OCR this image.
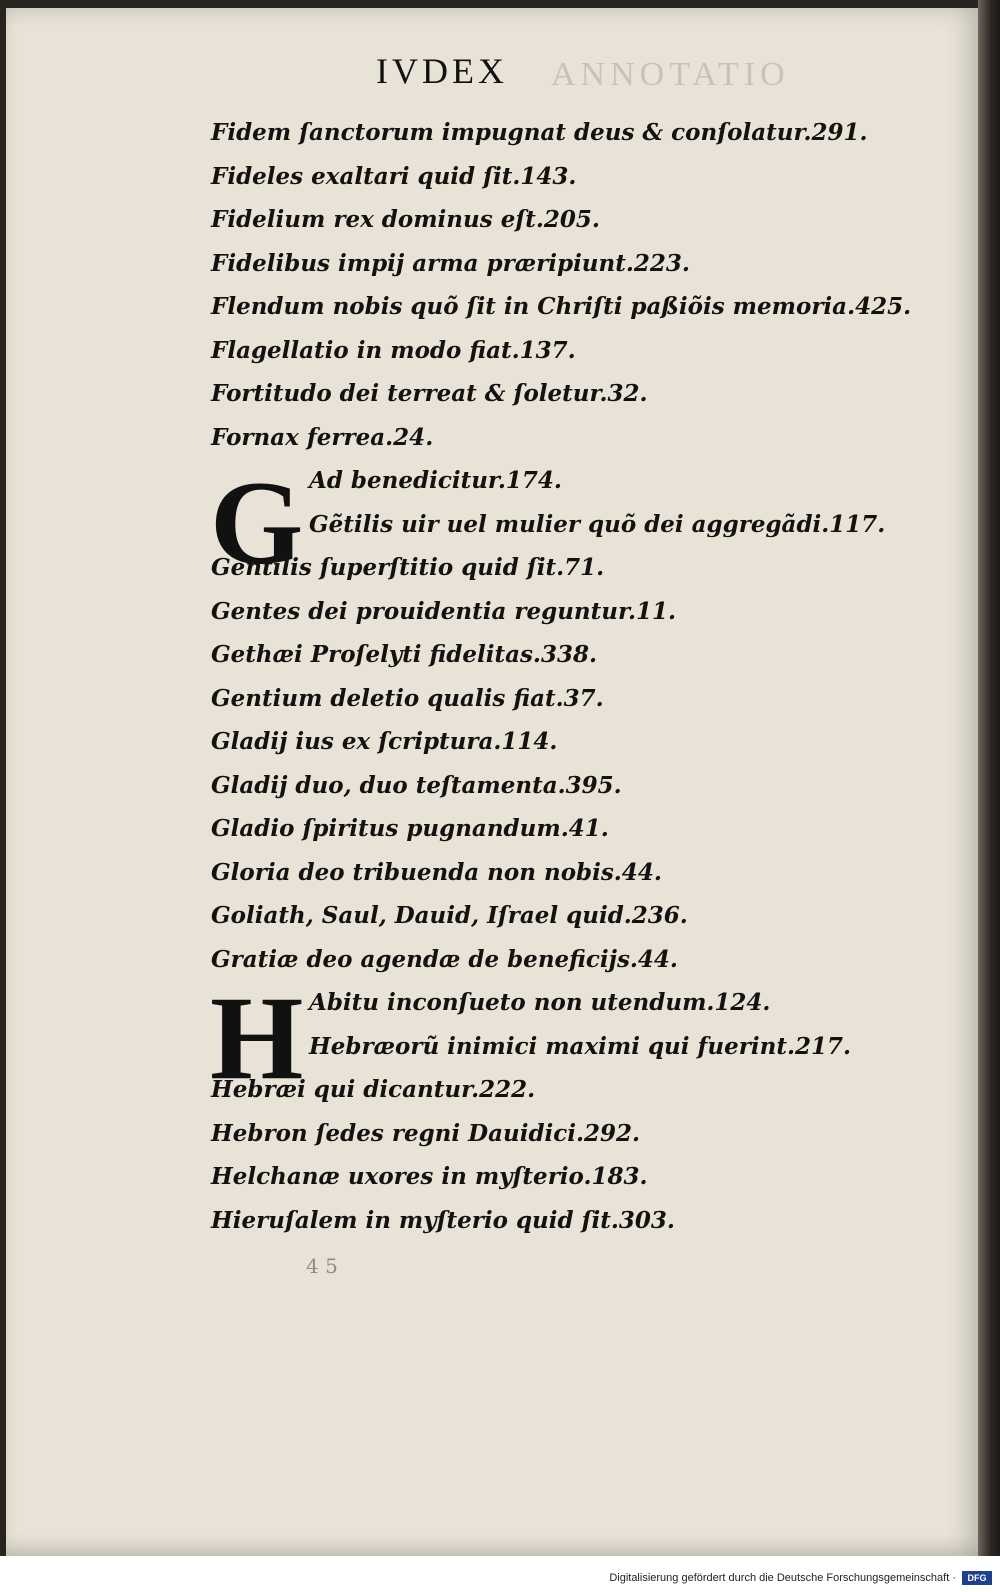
ANNOTATIO
IVDEX
G
H
Fidem ſanctorum impugnat deus & conſolatur.291.
Fideles exaltari quid ſit.143.
Fidelium rex dominus eſt.205.
Fidelibus impij arma præripiunt.223.
Flendum nobis quõ ſit in Chriſti paßiõis memoria.425.
Flagellatio in modo fiat.137.
Fortitudo dei terreat & ſoletur.32.
Fornax ferrea.24.
Ad benedicitur.174.
Gẽtilis uir uel mulier quõ dei aggregãdi.117.
Gentilis ſuperſtitio quid ſit.71.
Gentes dei prouidentia reguntur.11.
Gethæi Proſelyti fidelitas.338.
Gentium deletio qualis fiat.37.
Gladij ius ex ſcriptura.114.
Gladij duo, duo teſtamenta.395.
Gladio ſpiritus pugnandum.41.
Gloria deo tribuenda non nobis.44.
Goliath, Saul, Dauid, Iſrael quid.236.
Gratiæ deo agendæ de beneficijs.44.
Abitu inconſueto non utendum.124.
Hebræorũ inimici maximi qui fuerint.217.
Hebræi qui dicantur.222.
Hebron ſedes regni Dauidici.292.
Helchanæ uxores in myſterio.183.
Hieruſalem in myſterio quid ſit.303.
4 5
Digitalisierung gefördert durch die Deutsche Forschungsgemeinschaft ·	DFG
